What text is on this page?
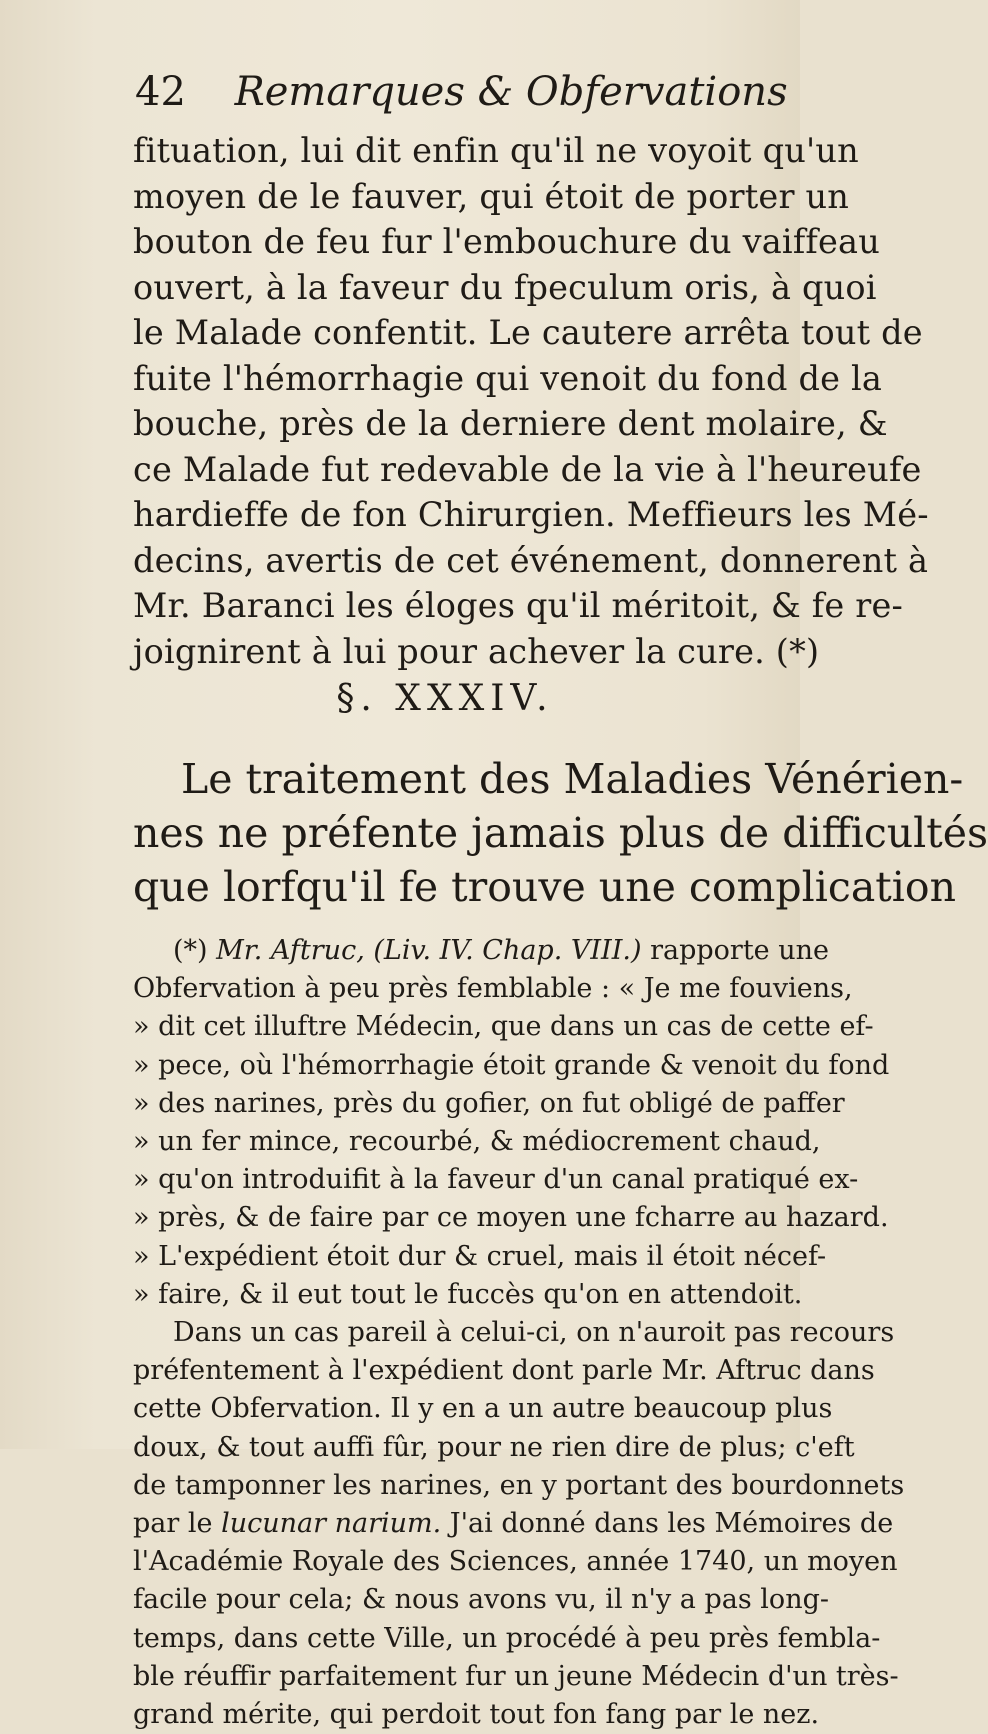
42 Remarques & Obfervations
fituation, lui dit enfin qu'il ne voyoit qu'un
moyen de le fauver, qui étoit de porter un
bouton de feu fur l'embouchure du vaiffeau
ouvert, à la faveur du fpeculum oris, à quoi
le Malade confentit. Le cautere arrêta tout de
fuite l'hémorrhagie qui venoit du fond de la
bouche, près de la derniere dent molaire, &
ce Malade fut redevable de la vie à l'heureufe
hardieffe de fon Chirurgien. Meffieurs les Mé-
decins, avertis de cet événement, donnerent à
Mr. Baranci les éloges qu'il méritoit, & fe re-
joignirent à lui pour achever la cure. (*)
§. XXXIV.
Le traitement des Maladies Vénérien-
nes ne préfente jamais plus de difficultés
que lorfqu'il fe trouve une complication
(*) Mr. Aftruc, (Liv. IV. Chap. VIII.) rapporte une
Obfervation à peu près femblable : « Je me fouviens,
» dit cet illuftre Médecin, que dans un cas de cette ef-
» pece, où l'hémorrhagie étoit grande & venoit du fond
» des narines, près du gofier, on fut obligé de paffer
» un fer mince, recourbé, & médiocrement chaud,
» qu'on introduifit à la faveur d'un canal pratiqué ex-
» près, & de faire par ce moyen une fcharre au hazard.
» L'expédient étoit dur & cruel, mais il étoit nécef-
» faire, & il eut tout le fuccès qu'on en attendoit.
Dans un cas pareil à celui-ci, on n'auroit pas recours
préfentement à l'expédient dont parle Mr. Aftruc dans
cette Obfervation. Il y en a un autre beaucoup plus
doux, & tout auffi fûr, pour ne rien dire de plus; c'eft
de tamponner les narines, en y portant des bourdonnets
par le lucunar narium. J'ai donné dans les Mémoires de
l'Académie Royale des Sciences, année 1740, un moyen
facile pour cela; & nous avons vu, il n'y a pas long-
temps, dans cette Ville, un procédé à peu près fembla-
ble réuffir parfaitement fur un jeune Médecin d'un très-
grand mérite, qui perdoit tout fon fang par le nez.
